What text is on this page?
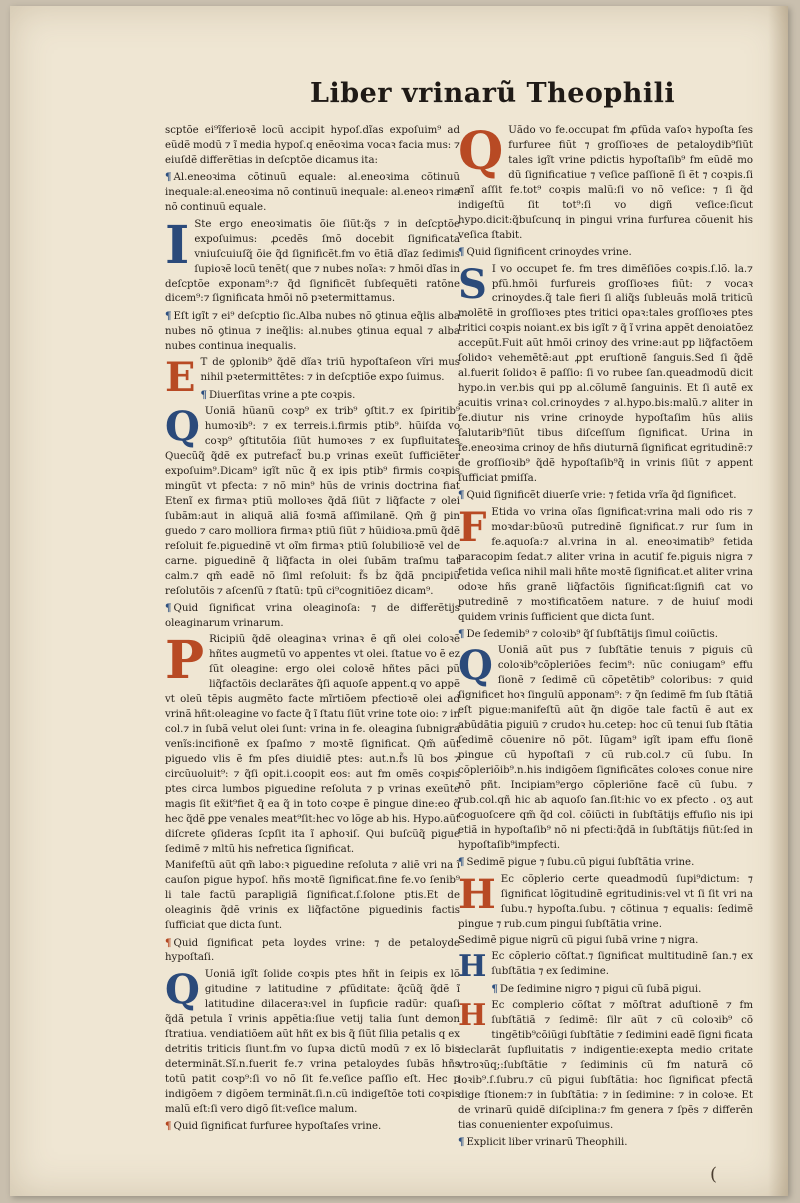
Liber vrinarũ Theophili

scptõe ei⁹ĩferioꝛẽ locũ accipit hypoſ.dĩas expoſuim⁹ ad eũdẽ modũ ⁊ ĩ media hypoſ.q enẽoꝛima vocaꝛ facia mus: ⁊ eiuſdẽ differẽtias in deſcptõe dicamus ita:

¶ Al.eneoꝛima cõtinuũ equale: al.eneoꝛima cõtinuũ inequale:al.eneoꝛima nõ continuũ inequale: al.eneoꝛ rima nõ continuũ equale.

I Ste ergo eneoꝛimatis õie ſiũt:q̃s ⁊ in deſcptõe expoſuimus: ꝓcedẽs ſmõ docebit ſignificata vniuſcuiuſq̃ õie q̃d ſignificẽt.fm vo ẽtiã dĩaz ſedimis ſupioꝛẽ locũ tenẽt( que ⁊ nubes noĩaꝛ: ⁊ hmõi dĩas in deſcptõe exponam⁹:⁊ q̃d ſignificẽt ſubſequẽti ratõne dicem⁹:⁊ ſignificata hmõi nõ pꝛetermittamus.

¶ Eſt igĩt ⁊ ei⁹ deſcptio ſic.Alba nubes nõ ꝯtinua eq̃lis alba nubes nõ ꝯtinua ⁊ ineq̃lis: al.nubes ꝯtinua equal ⁊ alba nubes continua inequalis.

E T de ꝯplonib⁹ q̃dẽ dĩaꝛ triũ hypoſtaſeon vĩri mus nihil pꝛetermittẽtes: ⁊ in deſcptiõe expo ſuimus.

¶ Diuerſitas vrine a pte coꝛpis.

Q Uoniã hũanũ coꝛp⁹ ex trib⁹ ꝯſtit.⁊ ex ſpiritib⁹ humoꝛib⁹: ⁊ ex terreis.i.firmis ptib⁹. hũiſda vo coꝛp⁹ ꝯſtitutõia ſiũt humoꝛes ⁊ ex ſupfluitates Quecũq̃ q̃dẽ ex putrefact̃ bu.p vrinas exeũt ſufficiẽter expoſuim⁹.Dicam⁹ igĩt nũc q̃ ex ipis ptib⁹ firmis coꝛpis mingũt vt pfecta: ⁊ nõ min⁹ hũs de vrinis doctrina fiat Etenĩ ex firmaꝛ ptiũ molloꝛes q̃dã ſiũt ⁊ liq̃facte ⁊ olei ſubãm:aut in aliquã aliã foꝛmã aſſimilanẽ. Qm̃ g̃ pin guedo ⁊ caro molliora firmaꝛ ptiũ ſiũt ⁊ hũidioꝛa.pmũ q̃dẽ reſoluit fe.piguedinẽ vt oĩm firmaꝛ ptiũ ſolubilioꝛẽ vel de carne. piguedinẽ q̃ liq̃facta in olei ſubãm traſmu tat calm.⁊ qm̃ eadẽ nõ ſiml reſoluit: f̃s ḃz q̃dã pncipiũ reſolutõis ⁊ aſcenſũ ⁊ ſtatũ: tpũ ci⁹cognitiõez dicam⁹.

¶ Quid ſignificat vrina oleaginoſa: ⁊ de differẽtijs oleaginarum vrinarum.

P Ricipiũ q̃dẽ oleaginaꝛ vrinaꝛ ẽ qñ olei coloꝛẽ hñtes augmetũ vo appentes vt olei. ſtatue vo ẽ ez ſũt oleagine: ergo olei coloꝛẽ hñtes pãci pũ liq̃factõis declarãtes q̃ſi aquoſe appent.q vo appẽ vt oleũ tẽpis augmẽto facte mĩrtiõem pfectioꝛẽ olei ad vrinã hñt:oleagine vo facte q̃ ĩ ſtatu ſiũt vrine tote oio: ⁊ in col.⁊ in ſubã velut olei ſunt: vrina in fe. oleagina ſubnigra venĩs:incifionẽ ex ſpaſmo ⁊ moꝛtẽ ſignificat. Qm̃ aũt piguedo vlis ẽ fm pſes diuidiẽ ptes: aut.n.f̃s lũ bos ⁊ circũuoluit⁹: ⁊ q̃ſi opit.i.coopit eos: aut fm omẽs coꝛpis ptes circa lumbos piguedine reſoluta ⁊ p vrinas exeũte magis ſit ex̃it⁹fiet q̃ ea q̃ in toto coꝛpe ẽ pingue dine:eo q̃ hec q̃dẽ ꝑpe venales meat⁹ſit:hec vo lõge ab his. Hypo.aũt diſcrete ꝯſideras ſcpſit ita ĩ aphoꝛiſ. Qui buſcũq̃ pigue ſedimẽ ⁊ mltũ his nefretica ſignificat.

Manifeſtũ aũt qm̃ labo:ꝛ piguedine reſoluta ⁊ aliẽ vri na ĩ cauſon pigue hypoſ. hñs moꝛtẽ ſignificat.fine fe.vo ſenib⁹ li tale factũ parapligiã ſignificat.ſ.ſolone ptis.Et de oleaginis q̃dẽ vrinis ex liq̃factõne piguedinis factis ſufficiat que dicta ſunt.

¶ Quid ſignificat peta loydes vrine: ⁊ de petaloyde hypoſtaſi.

Q Uoniã igĩt ſolide coꝛpis ptes hñt in ſeipis ex lõ gitudine ⁊ latitudine ⁊ ꝓfũditate: q̃cũq̃ q̃dẽ ĩ latitudine dilaceraꝛ:vel in ſupficie radũr: quaſi q̃dã petula ĩ vrinis appẽtia:ſiue vetij talia ſunt demon ſtratiua. vendiatiõem aũt hñt ex bis q̃ ſiũt ſilia petalis q ex detritis triticis ſiunt.fm vo ſupꝛa dictũ modũ ⁊ ex lõ bis determinãt.Sĩ.n.fuerit fe.⁊ vrina petaloydes ſubãs hñs totũ patit coꝛp⁹:ſi vo nõ ſit fe.veſice paſſio eſt. Hec p indigõem ⁊ digõem terminãt.ſi.n.cũ indigeſtõe toti coꝛpis malũ eſt:ſi vero digõ ſit:veſice malum.

¶ Quid ſignificat furfuree hypoſtaſes vrine.

Q Uãdo vo fe.occupat fm ꝓfũda vaſoꝛ hypoſta ſes furfuree fiũt ⁊ groſſioꝛes de petaloydib⁹ſiũt tales igĩt vrine pdictis hypoſtaſib⁹ fm eũdẽ mo dũ ſignificatiue ⁊ veſice paſſionẽ ſi ẽt ⁊ coꝛpis.ſi enĩ aſſit fe.tot⁹ coꝛpis malũ:ſi vo nõ veſice: ⁊ ſi q̃d indigeſtũ ſit tot⁹:ſi vo digñ veſice:ſicut hypo.dicit:q̃buſcunq in pingui vrina furfurea cõuenit his veſica ſtabit.

¶ Quid ſignificent crinoydes vrine.

S I vo occupet fe. fm tres dimẽſiões coꝛpis.ſ.lõ. la.⁊ pfũ.hmõi furfureis groſſioꝛes fiũt: ⁊ vocaꝛ crinoydes.q̃ tale fieri ſi aliq̃s ſubleuãs molã triticũ molẽtẽ in groſſioꝛes ptes tritici opaꝛ:tales groſſioꝛes ptes tritici coꝛpis noiant.ex bis igĩt ⁊ q̃ ĩ vrina appẽt denoiatõez accepũt.Fuit aũt hmõi crinoy des vrine:aut pp liq̃factõem ſolidoꝛ vehemẽtẽ:aut ꝓpt eruſtionẽ ſanguis.Sed ſi q̃dẽ al.fuerit ſolidoꝛ ẽ paſſio: ſi vo rubee ſan.queadmodũ dicit hypo.in ver.bis qui pp al.cõlumẽ ſanguinis. Et ſi autẽ ex acuitis vrinaꝛ col.crinoydes ⁊ al.hypo.bis:malũ.⁊ aliter in fe.diutur nis vrine crinoyde hypoſtaſim hũs aliis ſalutarib⁹ſiũt tibus diſceſſum ſignificat. Urina in fe.eneoꝛima crinoy de hñs diuturnã ſignificat egritudinẽ:⁊ de groſſioꝛib⁹ q̃dẽ hypoſtaſib⁹q̃ in vrinis ſiũt ⁊ appent ſufficiat pmiſſa.

¶ Quid ſignificẽt diuerſe vrie: ⁊ fetida vrĩa q̃d ſignificet.

F Etida vo vrina oĩas ſignificat:vrina mali odo ris ⁊ moꝛdar:bũoꝛũ putredinẽ ſignificat.⁊ rur ſum in fe.aquoſa:⁊ al.vrina in al. eneoꝛimatib⁹ fetida paracopim ſedat.⁊ aliter vrina in acutiſ fe.piguis nigra ⁊ fetida veſica nihil mali hñte moꝛtẽ ſignificat.et aliter vrina odoꝛe hñs granẽ liq̃factõis ſignificat:ſignifi cat vo putredinẽ ⁊ moꝛtificatõem nature. ⁊ de huiuſ modi quidem vrinis ſufficient que dicta ſunt.

¶ De ſedemib⁹ ⁊ coloꝛib⁹ q̃ſ ſubſtãtijs ſimul coiũctis.

Q Uoniã aũt pus ⁊ ſubſtãtie tenuis ⁊ piguis cũ coloꝛib⁹cõpleriões fecim⁹: nũc coniugam⁹ effu ſionẽ ⁊ ſedimẽ cũ cõpetẽtib⁹ coloribus: ⁊ quid ſignificet hoꝛ ſingulũ apponam⁹: ⁊ q̃n ſedimẽ fm ſub ſtãtiã eſt pigue:manifeſtũ aũt q̃n digõe tale factũ ẽ aut ex abũdãtia piguiũ ⁊ crudoꝛ hu.cetep: hoc cũ tenui ſub ſtãtia ſedimẽ cõuenire nõ põt. Iũgam⁹ igĩt ipam effu ſionẽ pingue cũ hypoſtaſi ⁊ cũ rub.col.⁊ cũ ſubu. In cõpleriõib⁹.n.his indigõem ſignificãtes coloꝛes conue nire nõ pñt. Incipiam⁹ergo cõpleriõne facẽ cũ ſubu. ⁊ rub.col.qñ hic ab aquoſo ſan.ſit:hic vo ex pfecto . oʒ aut coguoſcere qm̃ q̃d col. cõiũcti in ſubſtãtijs effuſio nis ipi etiã in hypoſtaſib⁹ nõ ni pfecti:q̃dã in ſubſtãtijs fiũt:ſed in hypoſtaſib⁹impfecti.

¶ Sedimẽ pigue ⁊ ſubu.cũ pigui ſubſtãtia vrine.

H Ec cõplerio certe queadmodũ ſupi⁹dictum: ⁊ ſignificat lõgitudinẽ egritudinis:vel vt ſi ſit vri na ſubu.⁊ hypoſta.ſubu. ⁊ cõtinua ⁊ equalis: ſedimẽ pingue ⁊ rub.cum pingui ſubſtãtia vrine.

Sedimẽ pigue nigrũ cũ pigui ſubã vrine ⁊ nigra.

H Ec cõplerio cõſtat.⁊ ſignificat multitudinẽ ſan.⁊ ex ſubſtãtia ⁊ ex ſedimine.

¶ De ſedimine nigro ⁊ pigui cũ ſubã pigui.

H Ec complerio cõſtat ⁊ mõſtrat aduſtionẽ ⁊ fm ſubſtãtiã ⁊ ſedimẽ: ſilr aũt ⁊ cũ coloꝛib⁹ cõ tingẽtib⁹cõiũgi ſubſtãtie ⁊ ſedimini eadẽ ſigni ficata declarãt ſupfluitatis ⁊ indigentie:exepta medio critate vtroꝛũq;:ſubſtãtie ⁊ ſediminis cũ fm naturã cõ loꝛib⁹.ſ.ſubru.⁊ cũ pigui ſubſtãtia: hoc ſignificat pfectã dige ſtionem:⁊ in ſubſtãtia: ⁊ in ſedimine: ⁊ in coloꝛe. Et de vrinarũ quidẽ diſciplina:⁊ fm genera ⁊ ſpẽs ⁊ differẽn tias conuenienter expoſuimus.

¶ Explicit liber vrinarũ Theophili.

(
